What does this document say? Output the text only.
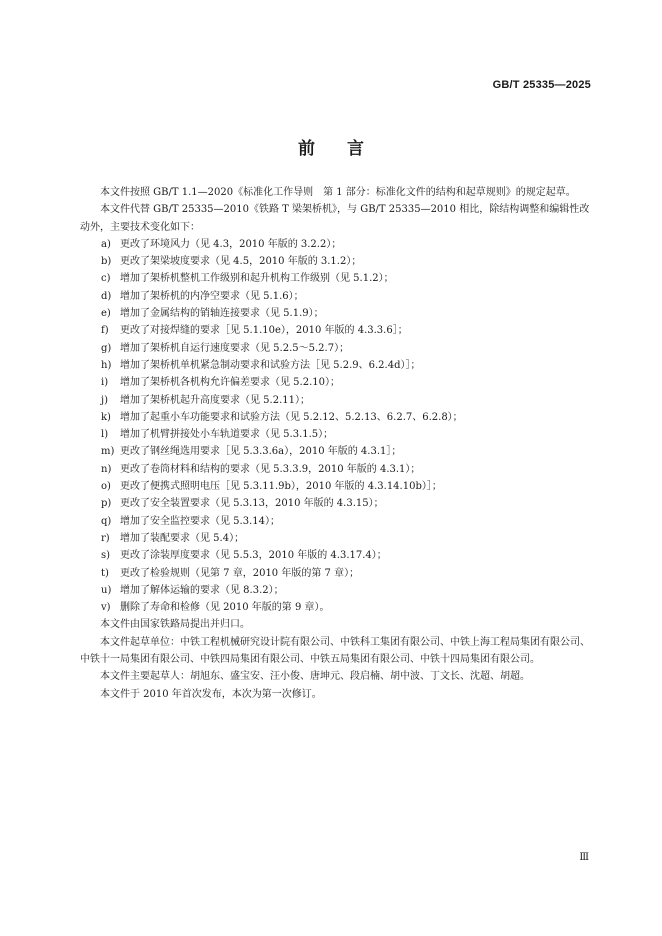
GB/T 25335—2025
前言

本文件按照 GB/T 1.1—2020《标准化工作导则　第 1 部分：标准化文件的结构和起草规则》的规定起草。

本文件代替 GB/T 25335—2010《铁路 T 梁架桥机》，与 GB/T 25335—2010 相比，除结构调整和编辑性改动外，主要技术变化如下：

a) 更改了环境风力（见 4.3，2010 年版的 3.2.2）；

b) 更改了架梁坡度要求（见 4.5，2010 年版的 3.1.2）；

c) 增加了架桥机整机工作级别和起升机构工作级别（见 5.1.2）；

d) 增加了架桥机的内净空要求（见 5.1.6）；

e) 增加了金属结构的销轴连接要求（见 5.1.9）；

f)	更改了对接焊缝的要求［见 5.1.10e），2010 年版的 4.3.3.6］；

g) 增加了架桥机自运行速度要求（见 5.2.5～5.2.7）；

h) 增加了架桥机单机紧急制动要求和试验方法［见 5.2.9、6.2.4d）］；

i)	增加了架桥机各机构允许偏差要求（见 5.2.10）；

j)	增加了架桥机起升高度要求（见 5.2.11）；

k) 增加了起重小车功能要求和试验方法（见 5.2.12、5.2.13、6.2.7、6.2.8）；

l)	增加了机臂拼接处小车轨道要求（见 5.3.1.5）；

m) 更改了钢丝绳选用要求［见 5.3.3.6a），2010 年版的 4.3.1］；

n) 更改了卷筒材料和结构的要求（见 5.3.3.9，2010 年版的 4.3.1）；

o) 更改了便携式照明电压［见 5.3.11.9b），2010 年版的 4.3.14.10b）］；

p) 更改了安全装置要求（见 5.3.13，2010 年版的 4.3.15）；

q) 增加了安全监控要求（见 5.3.14）；

r)	增加了装配要求（见 5.4）；

s) 更改了涂装厚度要求（见 5.5.3，2010 年版的 4.3.17.4）；

t)	更改了检验规则（见第 7 章，2010 年版的第 7 章）；

u) 增加了解体运输的要求（见 8.3.2）；

v) 删除了寿命和检修（见 2010 年版的第 9 章）。

本文件由国家铁路局提出并归口。

本文件起草单位：中铁工程机械研究设计院有限公司、中铁科工集团有限公司、中铁上海工程局集团有限公司、中铁十一局集团有限公司、中铁四局集团有限公司、中铁五局集团有限公司、中铁十四局集团有限公司。

本文件主要起草人：胡旭东、盛宝安、汪小俊、唐坤元、段启楠、胡中波、丁文长、沈超、胡超。

本文件于 2010 年首次发布，本次为第一次修订。

Ⅲ
